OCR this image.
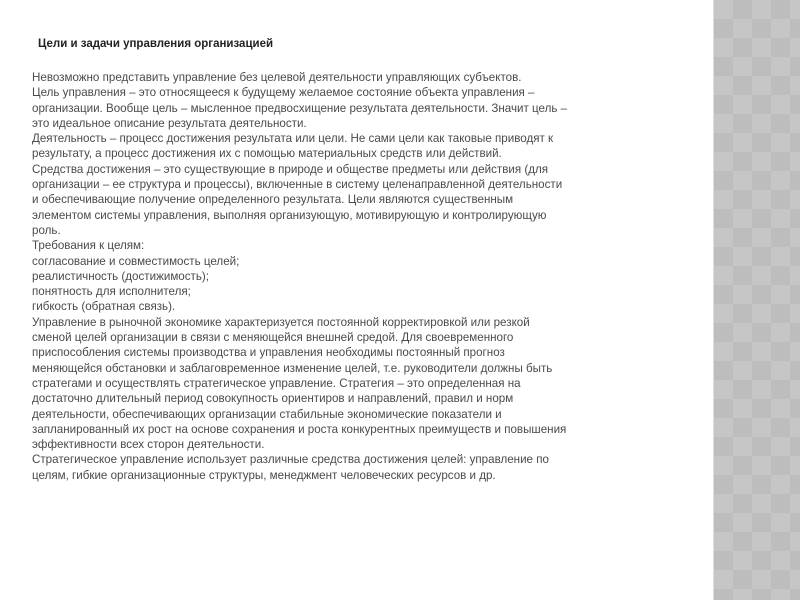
Цели и задачи управления организацией
Невозможно представить управление без целевой деятельности управляющих субъектов.
Цель управления – это относящееся к будущему желаемое состояние объекта управления –
организации. Вообще цель – мысленное предвосхищение результата деятельности. Значит цель –
это идеальное описание результата деятельности.
Деятельность – процесс достижения результата или цели. Не сами цели как таковые приводят к
результату, а процесс достижения их с помощью материальных средств или действий.
Средства достижения – это существующие в природе и обществе предметы или действия (для
организации – ее структура и процессы), включенные в систему целенаправленной деятельности
и обеспечивающие получение определенного результата. Цели являются существенным
элементом системы управления, выполняя организующую, мотивирующую и контролирующую
роль.
Требования к целям:
согласование и совместимость целей;
реалистичность (достижимость);
понятность для исполнителя;
гибкость (обратная связь).
Управление в рыночной экономике характеризуется постоянной корректировкой или резкой
сменой целей организации в связи с меняющейся внешней средой. Для своевременного
приспособления системы производства и управления необходимы постоянный прогноз
меняющейся обстановки и заблаговременное изменение целей, т.е. руководители должны быть
стратегами и осуществлять стратегическое управление. Стратегия – это определенная на
достаточно длительный период совокупность ориентиров и направлений, правил и норм
деятельности, обеспечивающих организации стабильные экономические показатели и
запланированный их рост на основе сохранения и роста конкурентных преимуществ и повышения
эффективности всех сторон деятельности.
Стратегическое управление использует различные средства достижения целей: управление по
целям, гибкие организационные структуры, менеджмент человеческих ресурсов и др.
